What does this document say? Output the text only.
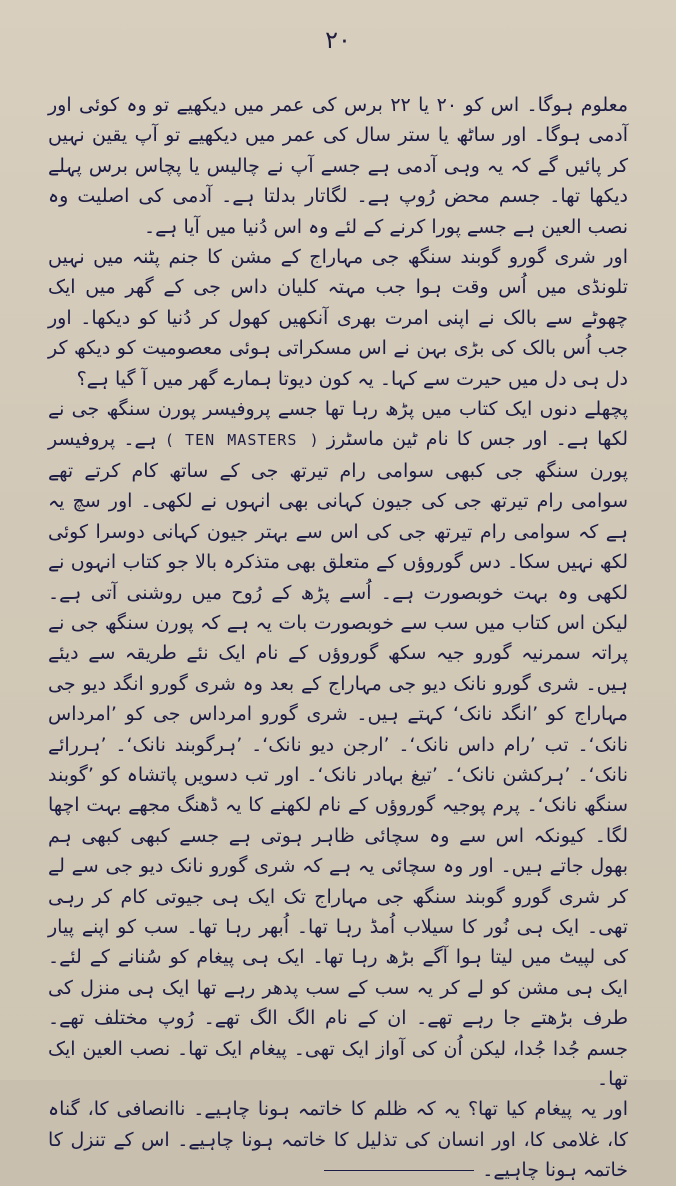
۲۰

معلوم ہوگا۔ اس کو ۲۰ یا ۲۲ برس کی عمر میں دیکھیے تو وہ کوئی اور آدمی ہوگا۔ اور ساٹھ یا ستر سال کی عمر میں دیکھیے تو آپ یقین نہیں کر پائیں گے کہ یہ وہی آدمی ہے جسے آپ نے چالیس یا پچاس برس پہلے دیکھا تھا۔ جسم محض رُوپ ہے۔ لگاتار بدلتا ہے۔ آدمی کی اصلیت وہ نصب العین ہے جسے پورا کرنے کے لئے وہ اس دُنیا میں آیا ہے۔

اور شری گورو گوبند سنگھ جی مہاراج کے مشن کا جنم پٹنہ میں نہیں تلونڈی میں اُس وقت ہوا جب مہتہ کلیان داس جی کے گھر میں ایک چھوٹے سے بالک نے اپنی امرت بھری آنکھیں کھول کر دُنیا کو دیکھا۔ اور جب اُس بالک کی بڑی بہن نے اس مسکراتی ہوئی معصومیت کو دیکھ کر دل ہی دل میں حیرت سے کہا۔ یہ کون دیوتا ہمارے گھر میں آ گیا ہے؟

پچھلے دنوں ایک کتاب میں پڑھ رہا تھا جسے پروفیسر پورن سنگھ جی نے لکھا ہے۔ اور جس کا نام ٹین ماسٹرز ( TEN MASTERS ) ہے۔ پروفیسر پورن سنگھ جی کبھی سوامی رام تیرتھ جی کے ساتھ کام کرتے تھے سوامی رام تیرتھ جی کی جیون کہانی بھی انہوں نے لکھی۔ اور سچ یہ ہے کہ سوامی رام تیرتھ جی کی اس سے بہتر جیون کہانی دوسرا کوئی لکھ نہیں سکا۔ دس گوروؤں کے متعلق بھی متذکرہ بالا جو کتاب انہوں نے لکھی وہ بہت خوبصورت ہے۔ اُسے پڑھ کے رُوح میں روشنی آتی ہے۔ لیکن اس کتاب میں سب سے خوبصورت بات یہ ہے کہ پورن سنگھ جی نے پراتہ سمرنیہ گورو جیہ سکھ گوروؤں کے نام ایک نئے طریقہ سے دیئے ہیں۔ شری گورو نانک دیو جی مہاراج کے بعد وہ شری گورو انگد دیو جی مہاراج کو ’انگد نانک‘ کہتے ہیں۔ شری گورو امرداس جی کو ’امرداس نانک‘۔ تب ’رام داس نانک‘۔ ’ارجن دیو نانک‘۔ ’ہرگوبند نانک‘۔ ’ہررائے نانک‘۔ ’ہرکشن نانک‘۔ ’تیغ بہادر نانک‘۔ اور تب دسویں پاتشاہ کو ’گوبند سنگھ نانک‘۔ پرم پوجیہ گوروؤں کے نام لکھنے کا یہ ڈھنگ مجھے بہت اچھا لگا۔ کیونکہ اس سے وہ سچائی ظاہر ہوتی ہے جسے کبھی کبھی ہم بھول جاتے ہیں۔ اور وہ سچائی یہ ہے کہ شری گورو نانک دیو جی سے لے کر شری گورو گوبند سنگھ جی مہاراج تک ایک ہی جیوتی کام کر رہی تھی۔ ایک ہی نُور کا سیلاب اُمڈ رہا تھا۔ اُبھر رہا تھا۔ سب کو اپنے پیار کی لپیٹ میں لیتا ہوا آگے بڑھ رہا تھا۔ ایک ہی پیغام کو سُنانے کے لئے۔ ایک ہی مشن کو لے کر یہ سب کے سب پدھر رہے تھا ایک ہی منزل کی طرف بڑھتے جا رہے تھے۔ ان کے نام الگ الگ تھے۔ رُوپ مختلف تھے۔ جسم جُدا جُدا، لیکن اُن کی آواز ایک تھی۔ پیغام ایک تھا۔ نصب العین ایک تھا۔

اور یہ پیغام کیا تھا؟ یہ کہ ظلم کا خاتمہ ہونا چاہیے۔ ناانصافی کا، گناہ کا، غلامی کا، اور انسان کی تذلیل کا خاتمہ ہونا چاہیے۔ اس کے تنزل کا خاتمہ ہونا چاہیے۔
